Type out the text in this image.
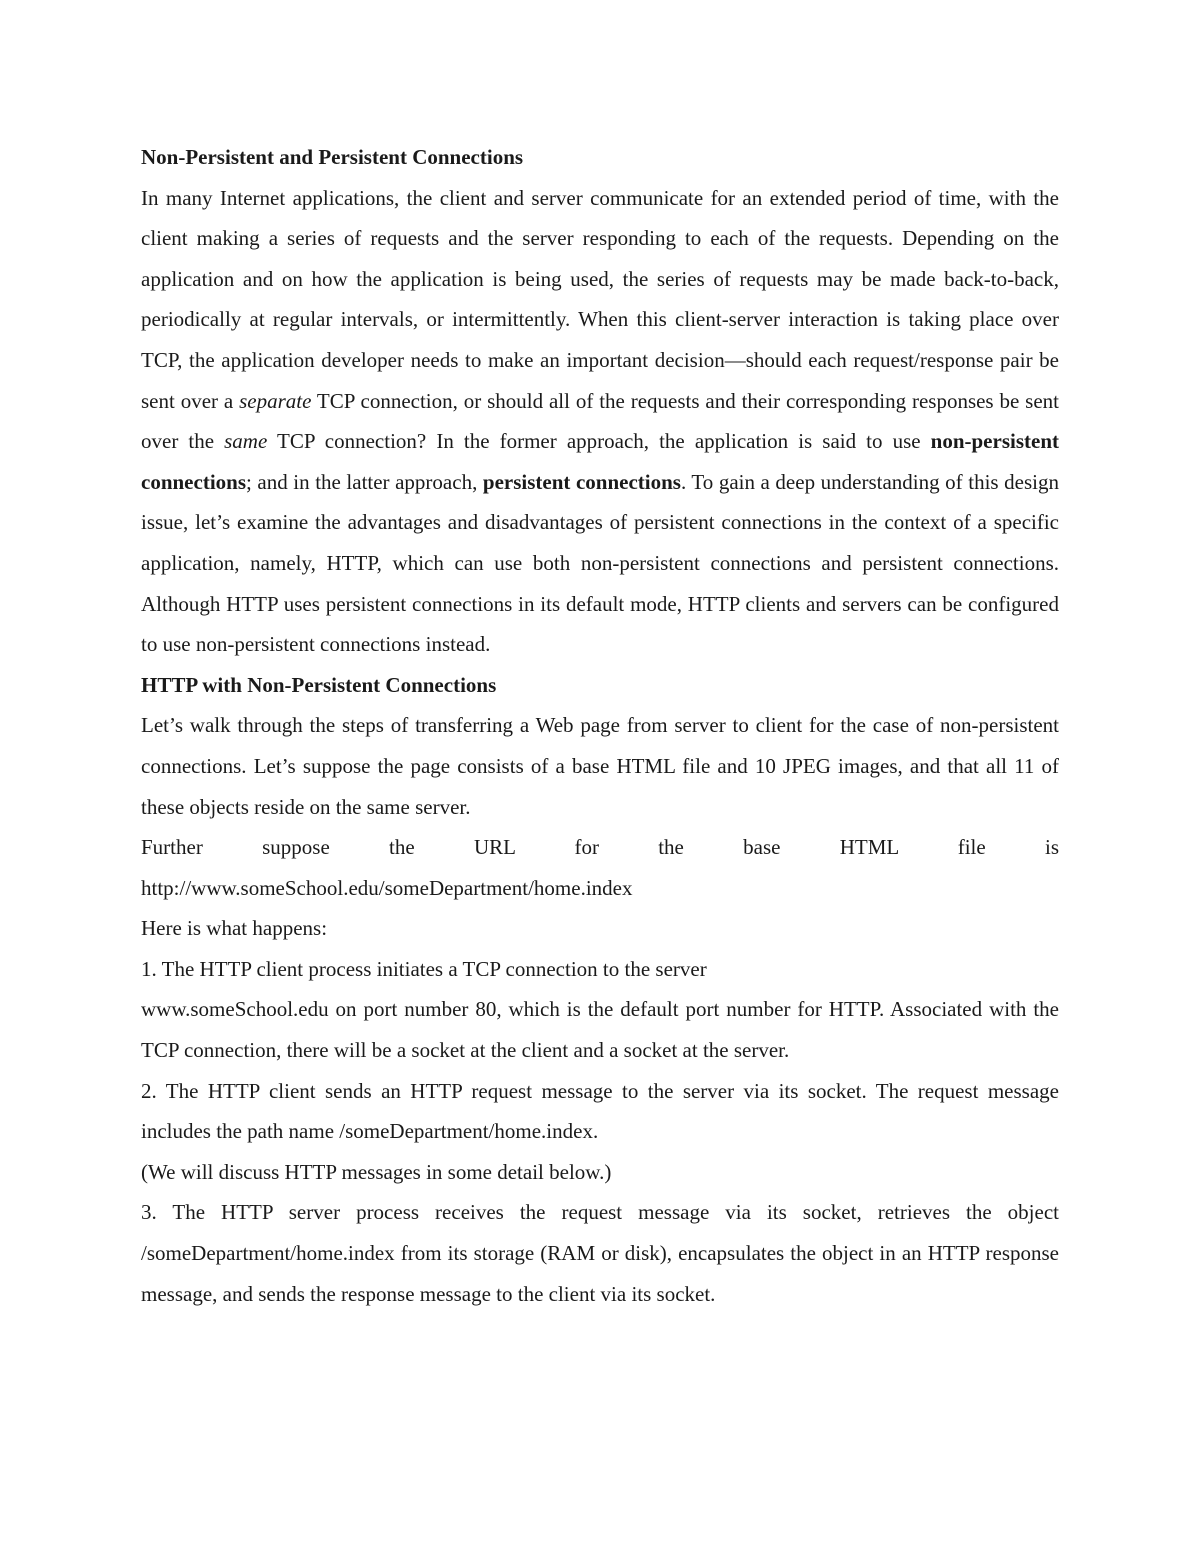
Non-Persistent and Persistent Connections

In many Internet applications, the client and server communicate for an extended period of time, with the client making a series of requests and the server responding to each of the requests. Depending on the application and on how the application is being used, the series of requests may be made back-to-back, periodically at regular intervals, or intermittently. When this client-server interaction is taking place over TCP, the application developer needs to make an important decision—should each request/response pair be sent over a separate TCP connection, or should all of the requests and their corresponding responses be sent over the same TCP connection? In the former approach, the application is said to use non-persistent connections; and in the latter approach, persistent connections. To gain a deep understanding of this design issue, let’s examine the advantages and disadvantages of persistent connections in the context of a specific application, namely, HTTP, which can use both non-persistent connections and persistent connections. Although HTTP uses persistent connections in its default mode, HTTP clients and servers can be configured to use non-persistent connections instead.

HTTP with Non-Persistent Connections

Let’s walk through the steps of transferring a Web page from server to client for the case of non-persistent connections. Let’s suppose the page consists of a base HTML file and 10 JPEG images, and that all 11 of these objects reside on the same server.

Further suppose the URL for the base HTML file is

http://www.someSchool.edu/someDepartment/home.index

Here is what happens:

1. The HTTP client process initiates a TCP connection to the server

www.someSchool.edu on port number 80, which is the default port number for HTTP. Associated with the TCP connection, there will be a socket at the client and a socket at the server.

2. The HTTP client sends an HTTP request message to the server via its socket. The request message includes the path name /someDepartment/home.index.

(We will discuss HTTP messages in some detail below.)

3. The HTTP server process receives the request message via its socket, retrieves the object /someDepartment/home.index from its storage (RAM or disk), encapsulates the object in an HTTP response message, and sends the response message to the client via its socket.
